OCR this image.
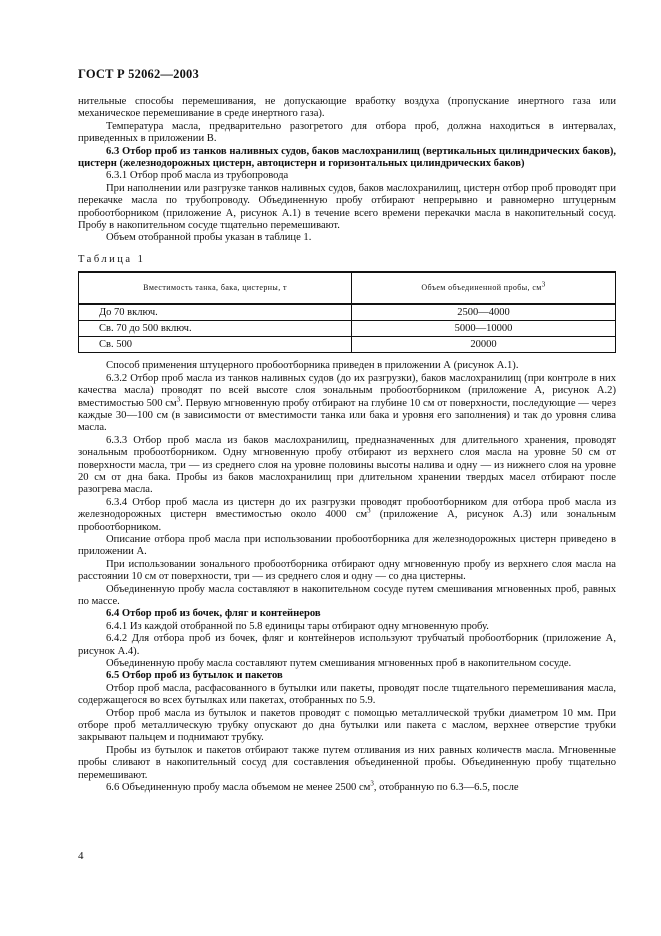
ГОСТ Р 52062—2003

нительные способы перемешивания, не допускающие вработку воздуха (пропускание инертного газа или механическое перемешивание в среде инертного газа).

Температура масла, предварительно разогретого для отбора проб, должна находиться в интервалах, приведенных в приложении В.

6.3 Отбор проб из танков наливных судов, баков маслохранилищ (вертикальных цилиндрических баков), цистерн (железнодорожных цистерн, автоцистерн и горизонтальных цилиндрических баков)

6.3.1 Отбор проб масла из трубопровода

При наполнении или разгрузке танков наливных судов, баков маслохранилищ, цистерн отбор проб проводят при перекачке масла по трубопроводу. Объединенную пробу отбирают непрерывно и равномерно штуцерным пробоотборником (приложение А, рисунок А.1) в течение всего времени перекачки масла в накопительный сосуд. Пробу в накопительном сосуде тщательно перемешивают.

Объем отобранной пробы указан в таблице 1.

Таблица 1

Вместимость танка, бака, цистерны, т	Объем объединенной пробы, $см^3$
До 70 включ.	2500—4000
Св. 70 до 500 включ.	5000—10000
Св. 500	20000

Способ применения штуцерного пробоотборника приведен в приложении А (рисунок А.1).

6.3.2 Отбор проб масла из танков наливных судов (до их разгрузки), баков маслохранилищ (при контроле в них качества масла) проводят по всей высоте слоя зональным пробоотборником (приложение А, рисунок А.2) вместимостью 500 $см^3$. Первую мгновенную пробу отбирают на глубине 10 см от поверхности, последующие — через каждые 30—100 см (в зависимости от вместимости танка или бака и уровня его заполнения) и так до уровня слива масла.

6.3.3 Отбор проб масла из баков маслохранилищ, предназначенных для длительного хранения, проводят зональным пробоотборником. Одну мгновенную пробу отбирают из верхнего слоя масла на уровне 50 см от поверхности масла, три — из среднего слоя на уровне половины высоты налива и одну — из нижнего слоя на уровне 20 см от дна бака. Пробы из баков маслохранилищ при длительном хранении твердых масел отбирают после разогрева масла.

6.3.4 Отбор проб масла из цистерн до их разгрузки проводят пробоотборником для отбора проб масла из железнодорожных цистерн вместимостью около 4000 $см^3$ (приложение А, рисунок А.3) или зональным пробоотборником.

Описание отбора проб масла при использовании пробоотборника для железнодорожных цистерн приведено в приложении А.

При использовании зонального пробоотборника отбирают одну мгновенную пробу из верхнего слоя масла на расстоянии 10 см от поверхности, три — из среднего слоя и одну — со дна цистерны.

Объединенную пробу масла составляют в накопительном сосуде путем смешивания мгновенных проб, равных по массе.

6.4 Отбор проб из бочек, фляг и контейнеров

6.4.1 Из каждой отобранной по 5.8 единицы тары отбирают одну мгновенную пробу.

6.4.2 Для отбора проб из бочек, фляг и контейнеров используют трубчатый пробоотборник (приложение А, рисунок А.4).

Объединенную пробу масла составляют путем смешивания мгновенных проб в накопительном сосуде.

6.5 Отбор проб из бутылок и пакетов

Отбор проб масла, расфасованного в бутылки или пакеты, проводят после тщательного перемешивания масла, содержащегося во всех бутылках или пакетах, отобранных по 5.9.

Отбор проб масла из бутылок и пакетов проводят с помощью металлической трубки диаметром 10 мм. При отборе проб металлическую трубку опускают до дна бутылки или пакета с маслом, верхнее отверстие трубки закрывают пальцем и поднимают трубку.

Пробы из бутылок и пакетов отбирают также путем отливания из них равных количеств масла. Мгновенные пробы сливают в накопительный сосуд для составления объединенной пробы. Объединенную пробу тщательно перемешивают.

6.6 Объединенную пробу масла объемом не менее 2500 $см^3$, отобранную по 6.3—6.5, после

4
